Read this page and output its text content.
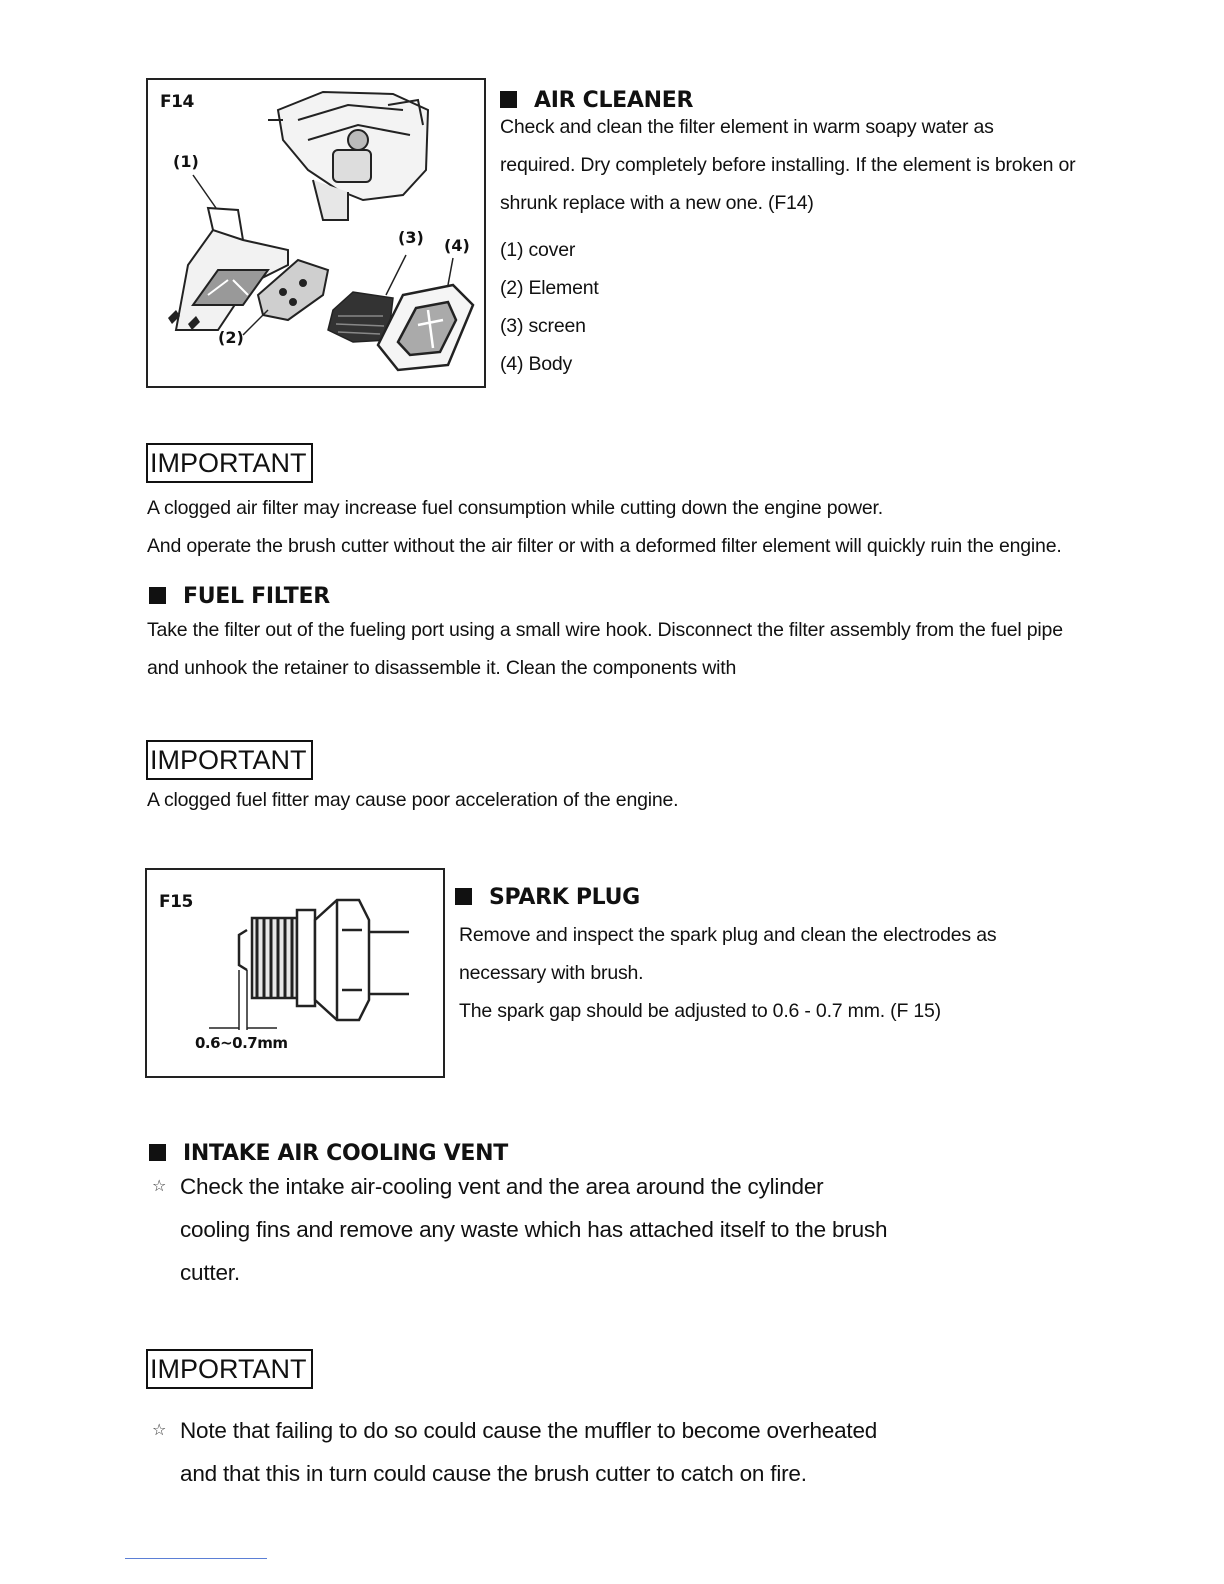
F14
(1)
(2)
(3) (4)
AIR CLEANER
Check and clean the filter element in warm soapy water as
required. Dry completely before installing. If the element is broken or
shrunk replace with a new one. (F14)
(1) cover
(2) Element
(3) screen
(4) Body
IMPORTANT
A clogged air filter may increase fuel consumption while cutting down the engine power.
And operate the brush cutter without the air filter or with a deformed filter element will quickly ruin the engine.
FUEL FILTER
Take the filter out of the fueling port using a small wire hook. Disconnect the filter assembly from the fuel pipe
and unhook the retainer to disassemble it. Clean the components with
IMPORTANT
A clogged fuel fitter may cause poor acceleration of the engine.
F15
0.6~0.7mm
SPARK PLUG
Remove and inspect the spark plug and clean the electrodes as
necessary with brush.
The spark gap should be adjusted to 0.6 - 0.7 mm. (F 15)
INTAKE AIR COOLING VENT
☆ Check the intake air-cooling vent and the area around the cylinder
cooling fins and remove any waste which has attached itself to the brush
cutter.
IMPORTANT
☆ Note that failing to do so could cause the muffler to become overheated
and that this in turn could cause the brush cutter to catch on fire.
